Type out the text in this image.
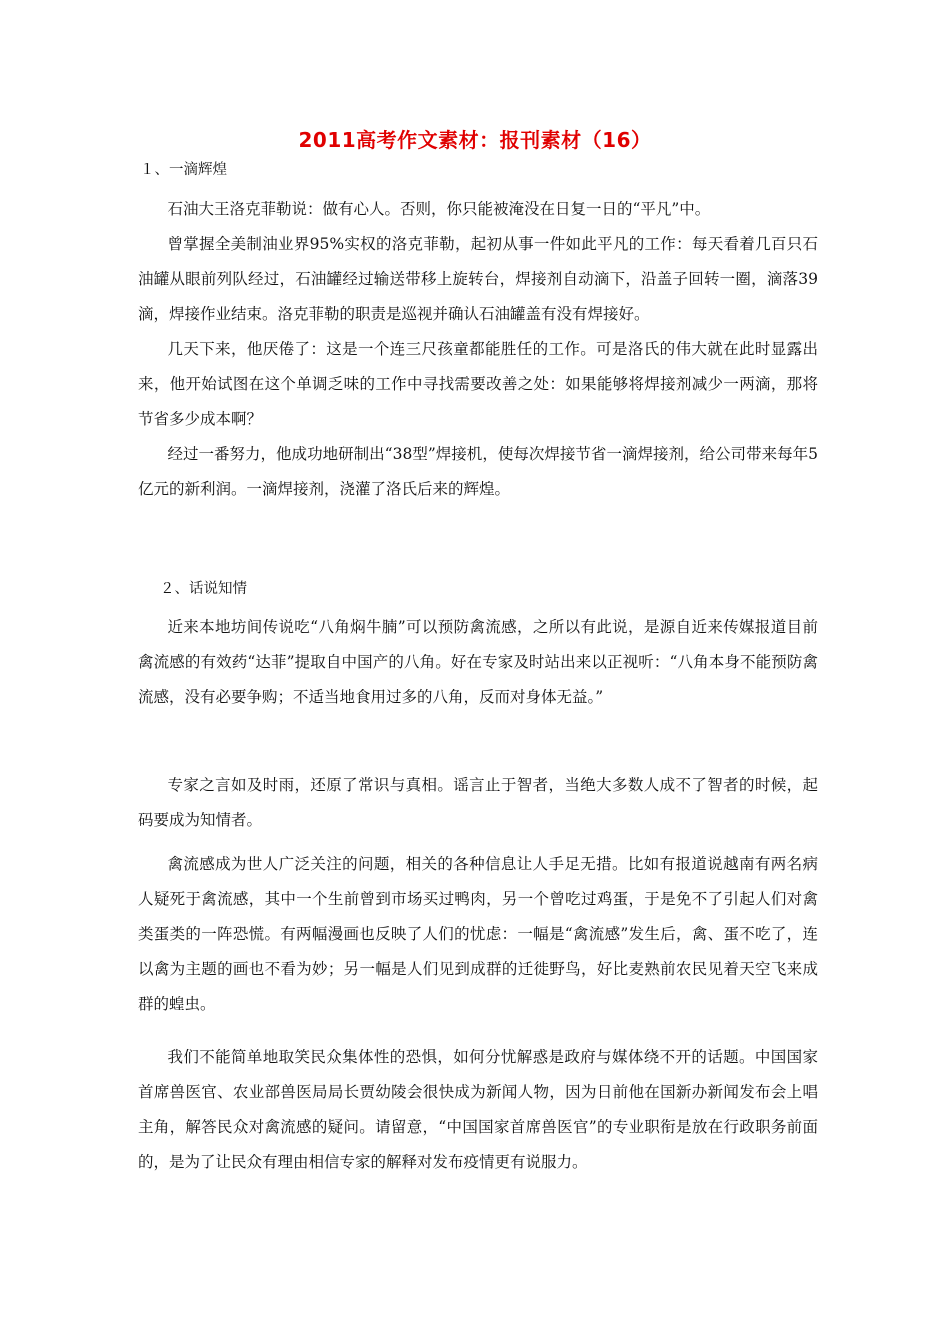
2011高考作文素材：报刊素材（16）
１、一滴辉煌

石油大王洛克菲勒说：做有心人。否则，你只能被淹没在日复一日的“平凡”中。

曾掌握全美制油业界95%实权的洛克菲勒，起初从事一件如此平凡的工作：每天看着几百只石油罐从眼前列队经过，石油罐经过输送带移上旋转台，焊接剂自动滴下，沿盖子回转一圈，滴落39滴，焊接作业结束。洛克菲勒的职责是巡视并确认石油罐盖有没有焊接好。

几天下来，他厌倦了：这是一个连三尺孩童都能胜任的工作。可是洛氏的伟大就在此时显露出来，他开始试图在这个单调乏味的工作中寻找需要改善之处：如果能够将焊接剂减少一两滴，那将节省多少成本啊？

经过一番努力，他成功地研制出“38型”焊接机，使每次焊接节省一滴焊接剂，给公司带来每年5亿元的新利润。一滴焊接剂，浇灌了洛氏后来的辉煌。

２、话说知情

近来本地坊间传说吃“八角焖牛腩”可以预防禽流感，之所以有此说，是源自近来传媒报道目前禽流感的有效药“达菲”提取自中国产的八角。好在专家及时站出来以正视听：“八角本身不能预防禽流感，没有必要争购；不适当地食用过多的八角，反而对身体无益。”

专家之言如及时雨，还原了常识与真相。谣言止于智者，当绝大多数人成不了智者的时候，起码要成为知情者。

禽流感成为世人广泛关注的问题，相关的各种信息让人手足无措。比如有报道说越南有两名病人疑死于禽流感，其中一个生前曾到市场买过鸭肉，另一个曾吃过鸡蛋，于是免不了引起人们对禽类蛋类的一阵恐慌。有两幅漫画也反映了人们的忧虑：一幅是“禽流感”发生后，禽、蛋不吃了，连以禽为主题的画也不看为妙；另一幅是人们见到成群的迁徙野鸟，好比麦熟前农民见着天空飞来成群的蝗虫。

我们不能简单地取笑民众集体性的恐惧，如何分忧解惑是政府与媒体绕不开的话题。中国国家首席兽医官、农业部兽医局局长贾幼陵会很快成为新闻人物，因为日前他在国新办新闻发布会上唱主角，解答民众对禽流感的疑问。请留意，“中国国家首席兽医官”的专业职衔是放在行政职务前面的，是为了让民众有理由相信专家的解释对发布疫情更有说服力。
